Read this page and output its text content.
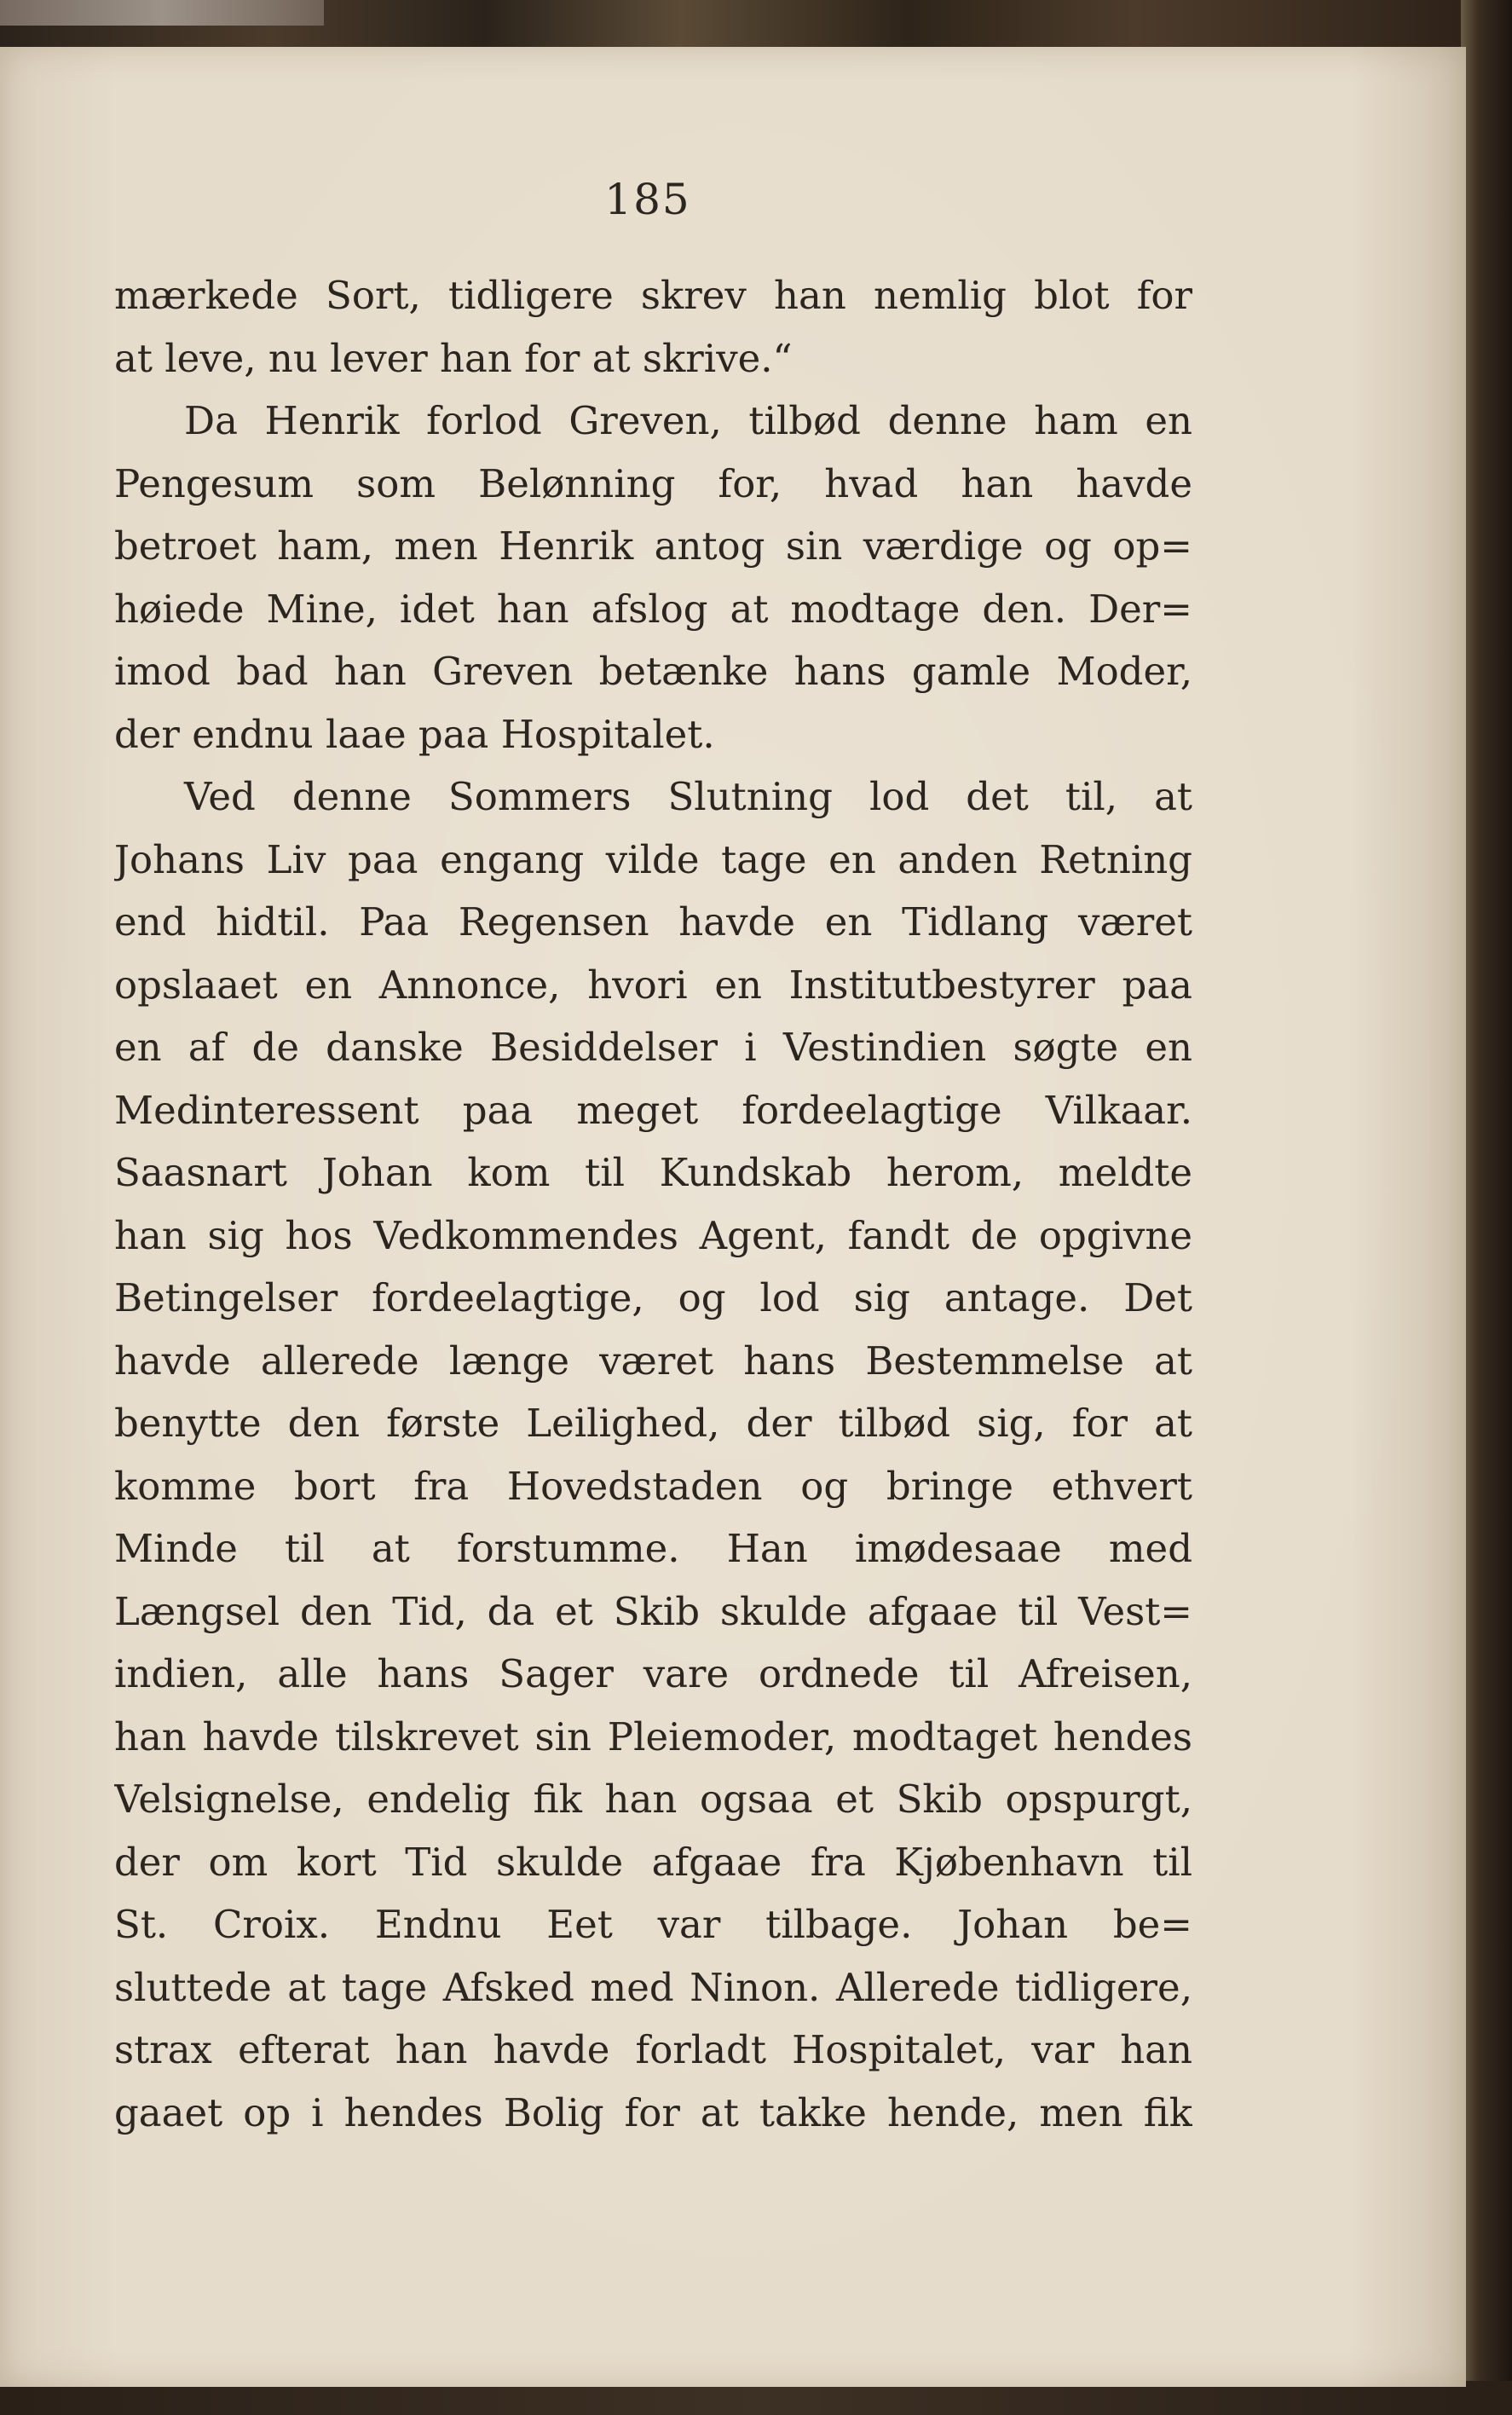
185
mærkede Sort, tidligere skrev han nemlig blot for
at leve, nu lever han for at skrive.“
Da Henrik forlod Greven, tilbød denne ham en
Pengesum som Belønning for, hvad han havde
betroet ham, men Henrik antog sin værdige og op=
høiede Mine, idet han afslog at modtage den. Der=
imod bad han Greven betænke hans gamle Moder,
der endnu laae paa Hospitalet.
Ved denne Sommers Slutning lod det til, at
Johans Liv paa engang vilde tage en anden Retning
end hidtil. Paa Regensen havde en Tidlang været
opslaaet en Annonce, hvori en Institutbestyrer paa
en af de danske Besiddelser i Vestindien søgte en
Medinteressent paa meget fordeelagtige Vilkaar.
Saasnart Johan kom til Kundskab herom, meldte
han sig hos Vedkommendes Agent, fandt de opgivne
Betingelser fordeelagtige, og lod sig antage. Det
havde allerede længe været hans Bestemmelse at
benytte den første Leilighed, der tilbød sig, for at
komme bort fra Hovedstaden og bringe ethvert
Minde til at forstumme. Han imødesaae med
Længsel den Tid, da et Skib skulde afgaae til Vest=
indien, alle hans Sager vare ordnede til Afreisen,
han havde tilskrevet sin Pleiemoder, modtaget hendes
Velsignelse, endelig fik han ogsaa et Skib opspurgt,
der om kort Tid skulde afgaae fra Kjøbenhavn til
St. Croix. Endnu Eet var tilbage. Johan be=
sluttede at tage Afsked med Ninon. Allerede tidligere,
strax efterat han havde forladt Hospitalet, var han
gaaet op i hendes Bolig for at takke hende, men fik
